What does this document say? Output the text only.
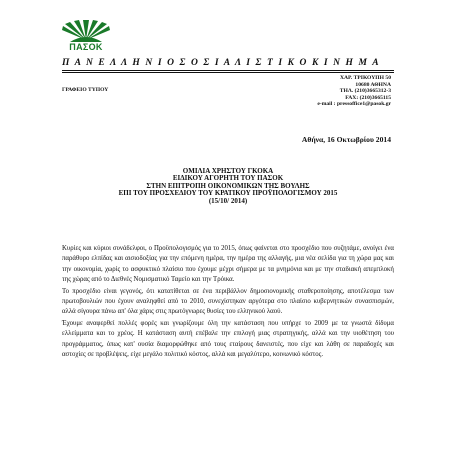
ΠΑΣΟΚ
Π Α Ν Ε Λ Λ Η Ν Ι Ο Σ Ο Σ Ι Α Λ Ι Σ Τ Ι Κ Ο Κ Ι Ν Η Μ Α
ΓΡΑΦΕΙΟ ΤΥΠΟΥ
ΧΑΡ. ΤΡΙΚΟΥΠΗ 50
10680 ΑΘΗΝΑ
ΤΗΛ. (210)3665312-3
FAX: (210)3665115
e-mail : pressoffice1@pasok.gr
Αθήνα, 16 Οκτωβρίου 2014
ΟΜΙΛΙΑ ΧΡΗΣΤΟΥ ΓΚΟΚΑ
ΕΙΔΙΚΟΥ ΑΓΟΡΗΤΗ ΤΟΥ ΠΑΣΟΚ
ΣΤΗΝ ΕΠΙΤΡΟΠΗ ΟΙΚΟΝΟΜΙΚΩΝ ΤΗΣ ΒΟΥΛΗΣ
ΕΠΙ ΤΟΥ ΠΡΟΣΧΕΔΙΟΥ ΤΟΥ ΚΡΑΤΙΚΟΥ ΠΡΟΫΠΟΛΟΓΙΣΜΟΥ 2015
(15/10/ 2014)

Κυρίες και κύριοι συνάδελφοι, ο Προϋπολογισμός για το 2015, όπως φαίνεται στο προσχέδιο που συζητάμε, ανοίγει ένα παράθυρο ελπίδας και αισιοδοξίας για την επόμενη ημέρα, την ημέρα της αλλαγής, μια νέα σελίδα για τη χώρα μας και την οικονομία, χωρίς το ασφυκτικό πλαίσιο που έχουμε μέχρι σήμερα με τα μνημόνια και με την σταδιακή απεμπλοκή της χώρας από το Διεθνές Νομισματικό Ταμείο και την Τρόικα.

Το προσχέδιο είναι γεγονός, ότι κατατίθεται σε ένα περιβάλλον δημοσιονομικής σταθεροποίησης, αποτέλεσμα των πρωτοβουλιών που έχουν αναληφθεί από το 2010, συνεχίστηκαν αργότερα στο πλαίσιο κυβερνητικών συνασπισμών, αλλά σίγουρα πάνω απ' όλα χάρις στις πρωτόγνωρες θυσίες του ελληνικού λαού.

Έχουμε αναφερθεί πολλές φορές και γνωρίζουμε όλη την κατάσταση που υπήρχε το 2009 με τα γνωστά δίδυμα ελλείμματα και το χρέος. Η κατάσταση αυτή επέβαλε την επιλογή μιας στρατηγικής, αλλά και την υιοθέτηση του προγράμματος, όπως κατ' ουσία διαμορφώθηκε από τους εταίρους δανειστές, που είχε και λάθη σε παραδοχές και αστοχίες σε προβλέψεις, είχε μεγάλο πολιτικό κόστος, αλλά και μεγαλύτερο, κοινωνικό κόστος.
